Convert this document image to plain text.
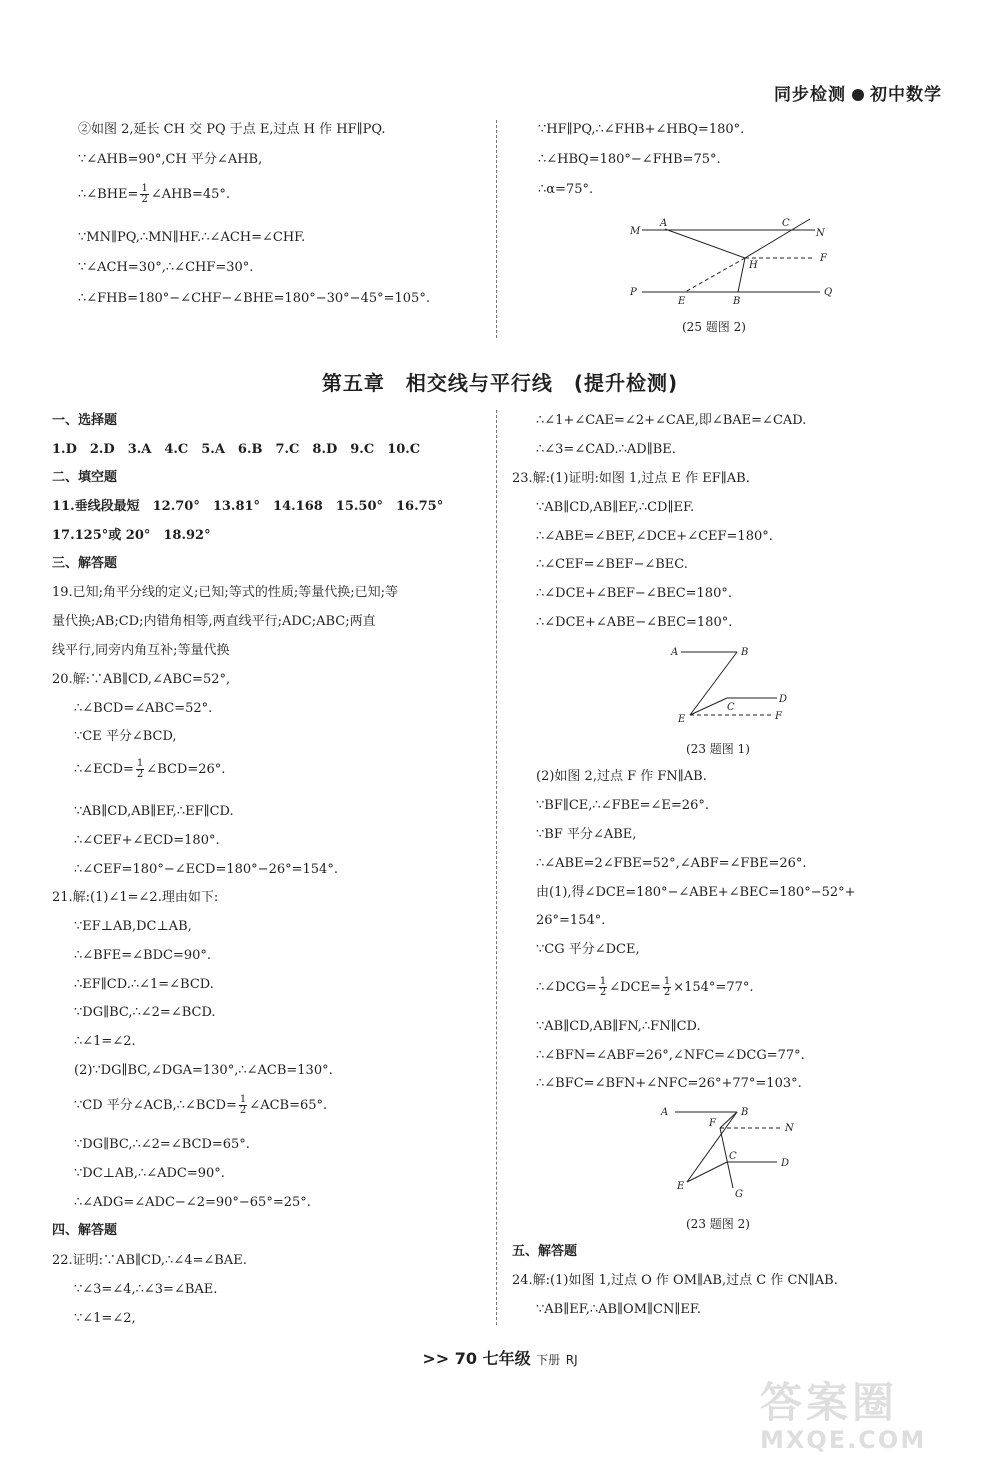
同步检测 初中数学
②如图 2,延长 CH 交 PQ 于点 E,过点 H 作 HF∥PQ.
∵∠AHB=90°,CH 平分∠AHB,
∴∠BHE= $\frac{1}{2}$ ∠AHB=45°.
∵MN∥PQ,∴MN∥HF.∴∠ACH=∠CHF.
∵∠ACH=30°,∴∠CHF=30°.
∴∠FHB=180°−∠CHF−∠BHE=180°−30°−45°=105°.
∵HF∥PQ,∴∠FHB+∠HBQ=180°.
∴∠HBQ=180°−∠FHB=75°.
∴α=75°.
M
A	C
N
H
F
P
E	B
Q
(25 题图 2)
第五章　相交线与平行线　(提升检测)
一、选择题
1.D　2.D　3.A　4.C　5.A　6.B　7.C　8.D　9.C　10.C
二、填空题
11.垂线段最短　12.70°　13.81°　14.168　15.50°　16.75°
17.125°或 20°　18.92°
三、解答题
19.已知;角平分线的定义;已知;等式的性质;等量代换;已知;等
量代换;AB;CD;内错角相等,两直线平行;ADC;ABC;两直
线平行,同旁内角互补;等量代换
20.解:∵AB∥CD,∠ABC=52°,
∴∠BCD=∠ABC=52°.
∵CE 平分∠BCD,
∴∠ECD= $\frac{1}{2}$ ∠BCD=26°.
∵AB∥CD,AB∥EF,∴EF∥CD.
∴∠CEF+∠ECD=180°.
∴∠CEF=180°−∠ECD=180°−26°=154°.
21.解:(1)∠1=∠2.理由如下:
∵EF⊥AB,DC⊥AB,
∴∠BFE=∠BDC=90°.
∴EF∥CD.∴∠1=∠BCD.
∵DG∥BC,∴∠2=∠BCD.
∴∠1=∠2.
(2)∵DG∥BC,∠DGA=130°,∴∠ACB=130°.
∵CD 平分∠ACB,∴∠BCD= $\frac{1}{2}$ ∠ACB=65°.
∵DG∥BC,∴∠2=∠BCD=65°.
∵DC⊥AB,∴∠ADC=90°.
∴∠ADG=∠ADC−∠2=90°−65°=25°.
四、解答题
22.证明:∵AB∥CD,∴∠4=∠BAE.
∵∠3=∠4,∴∠3=∠BAE.
∵∠1=∠2,
∴∠1+∠CAE=∠2+∠CAE,即∠BAE=∠CAD.
∴∠3=∠CAD.∴AD∥BE.
23.解:(1)证明:如图 1,过点 E 作 EF∥AB.
∵AB∥CD,AB∥EF,∴CD∥EF.
∴∠ABE=∠BEF,∠DCE+∠CEF=180°.
∴∠CEF=∠BEF−∠BEC.
∴∠DCE+∠BEF−∠BEC=180°.
∴∠DCE+∠ABE−∠BEC=180°.
A	B
C
D
E	F
(23 题图 1)
(2)如图 2,过点 F 作 FN∥AB.
∵BF∥CE,∴∠FBE=∠E=26°.
∵BF 平分∠ABE,
∴∠ABE=2∠FBE=52°,∠ABF=∠FBE=26°.
由(1),得∠DCE=180°−∠ABE+∠BEC=180°−52°+
26°=154°.
∵CG 平分∠DCE,
∴∠DCG= $\frac{1}{2}$ ∠DCE= $\frac{1}{2} \times 154^\circ=77^\circ$.
∵AB∥CD,AB∥FN,∴FN∥CD.
∴∠BFN=∠ABF=26°,∠NFC=∠DCG=77°.
∴∠BFC=∠BFN+∠NFC=26°+77°=103°.
A	B
F	N
C
D
E
G
(23 题图 2)
五、解答题
24.解:(1)如图 1,过点 O 作 OM∥AB,过点 C 作 CN∥AB.
∵AB∥EF,∴AB∥OM∥CN∥EF.
>> 70 七年级 下册 RJ
答案圈
MXQE.COM
